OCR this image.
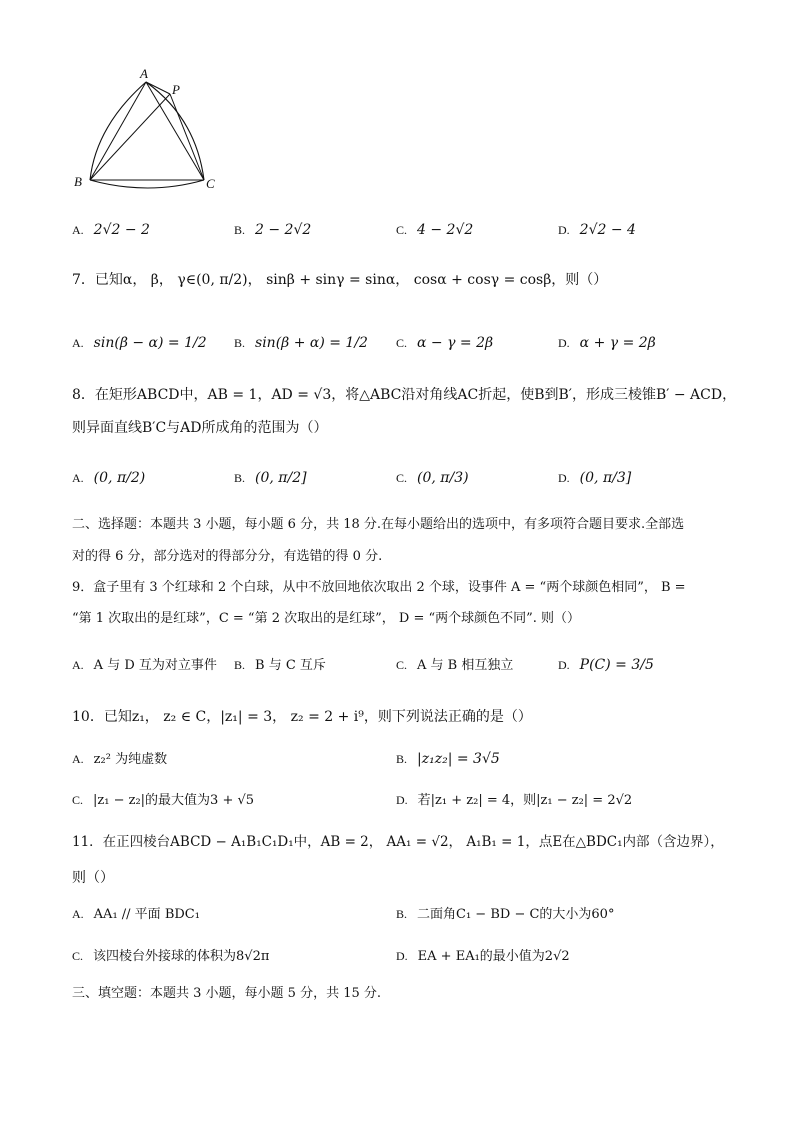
A
P
B	C
A. 2√2 − 2	B. 2 − 2√2	C. 4 − 2√2	D. 2√2 − 4
7．已知α， β， γ∈(0, π/2)， sinβ + sinγ = sinα， cosα + cosγ = cosβ，则（）
A. sin(β − α) = 1/2 B. sin(β + α) = 1/2 C. α − γ = 2β	D. α + γ = 2β
8．在矩形ABCD中，AB = 1，AD = √3，将△ABC沿对角线AC折起，使B到B′，形成三棱锥B′ − ACD，
则异面直线B′C与AD所成角的范围为（）
A. (0, π/2)	B. (0, π/2]	C. (0, π/3)	D. (0, π/3]
二、选择题：本题共 3 小题，每小题 6 分，共 18 分.在每小题给出的选项中，有多项符合题目要求.全部选
对的得 6 分，部分选对的得部分分，有选错的得 0 分.
9．盒子里有 3 个红球和 2 个白球，从中不放回地依次取出 2 个球，设事件 A = “两个球颜色相同”， B =
“第 1 次取出的是红球”，C = “第 2 次取出的是红球”， D = “两个球颜色不同”. 则（）
A. A 与 D 互为对立事件 B. B 与 C 互斥	C. A 与 B 相互独立	D. P(C) = 3/5
10．已知z₁， z₂ ∈ C，|z₁| = 3， z₂ = 2 + i⁹，则下列说法正确的是（）
A. z₂² 为纯虚数	B. |z₁z₂| = 3√5
C. |z₁ − z₂|的最大值为3 + √5	D. 若|z₁ + z₂| = 4，则|z₁ − z₂| = 2√2
11．在正四棱台ABCD − A₁B₁C₁D₁中，AB = 2， AA₁ = √2， A₁B₁ = 1，点E在△BDC₁内部（含边界），
则（）
A. AA₁ // 平面 BDC₁	B. 二面角C₁ − BD − C的大小为60°
C. 该四棱台外接球的体积为8√2π	D. EA + EA₁的最小值为2√2
三、填空题：本题共 3 小题，每小题 5 分，共 15 分.
